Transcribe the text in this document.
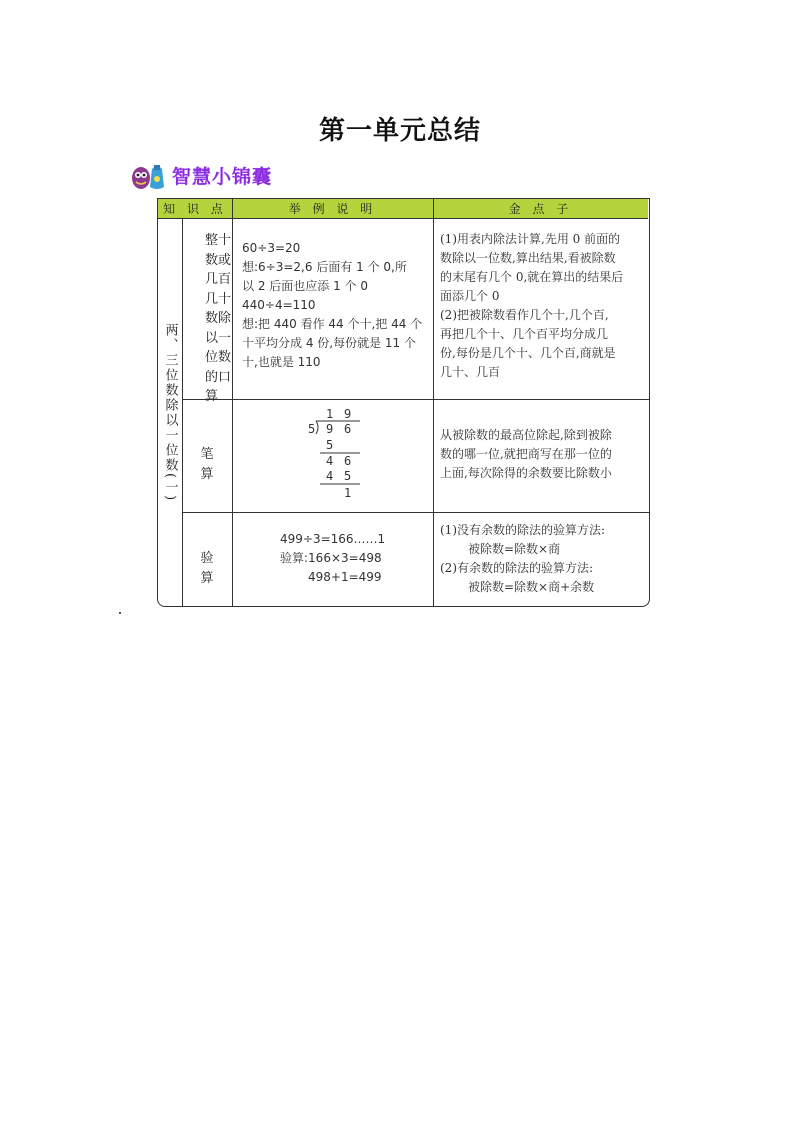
第一单元总结
智慧小锦囊
知 识 点	举 例 说 明	金 点 子
两、三位数除以一位数(一)
整十数或几百几十数除以一位数的口算

60÷3=20

想:6÷3=2,6 后面有 1 个 0,所

以 2 后面也应添 1 个 0

440÷4=110

想:把 440 看作 44 个十,把 44 个

十平均分成 4 份,每份就是 11 个

十,也就是 110

(1)用表内除法计算,先用 0 前面的

数除以一位数,算出结果,看被除数

的末尾有几个 0,就在算出的结果后

面添几个 0

(2)把被除数看作几个十,几个百,

再把几个十、几个百平均分成几

份,每份是几个十、几个百,商就是

几十、几百

笔 算
1 9
5 9 6
5
4 6
4 5
1

从被除数的最高位除起,除到被除

数的哪一位,就把商写在那一位的

上面,每次除得的余数要比除数小

验 算

499÷3=166……1

验算:166×3=498

498+1=499

(1)没有余数的除法的验算方法:

被除数=除数×商

(2)有余数的除法的验算方法:

被除数=除数×商+余数
